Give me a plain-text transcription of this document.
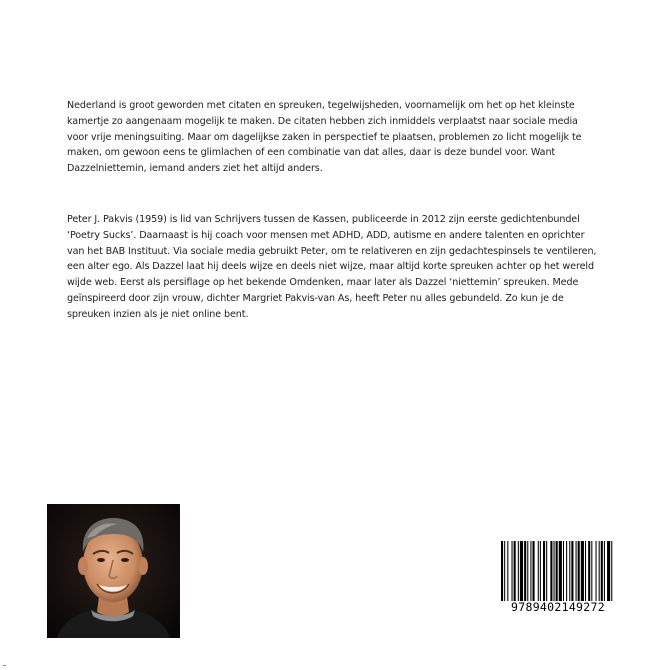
Nederland is groot geworden met citaten en spreuken, tegelwijsheden, voornamelijk om het op het kleinste kamertje zo aangenaam mogelijk te maken. De citaten hebben zich inmiddels verplaatst naar sociale media voor vrije meningsuiting. Maar om dagelijkse zaken in perspectief te plaatsen, problemen zo licht mogelijk te maken, om gewoon eens te glimlachen of een combinatie van dat alles, daar is deze bundel voor. Want Dazzelniettemin, iemand anders ziet het altijd anders.

Peter J. Pakvis (1959) is lid van Schrijvers tussen de Kassen, publiceerde in 2012 zijn eerste gedichtenbundel ‘Poetry Sucks’. Daarnaast is hij coach voor mensen met ADHD, ADD, autisme en andere talenten en oprichter van het BAB Instituut. Via sociale media gebruikt Peter, om te relativeren en zijn gedachtespinsels te ventileren, een alter ego. Als Dazzel laat hij deels wijze en deels niet wijze, maar altijd korte spreuken achter op het wereld wijde web. Eerst als persiflage op het bekende Omdenken, maar later als Dazzel ‘niettemin’ spreuken. Mede geïnspireerd door zijn vrouw, dichter Margriet Pakvis-van As, heeft Peter nu alles gebundeld. Zo kun je de spreuken inzien als je niet online bent.

9789402149272
